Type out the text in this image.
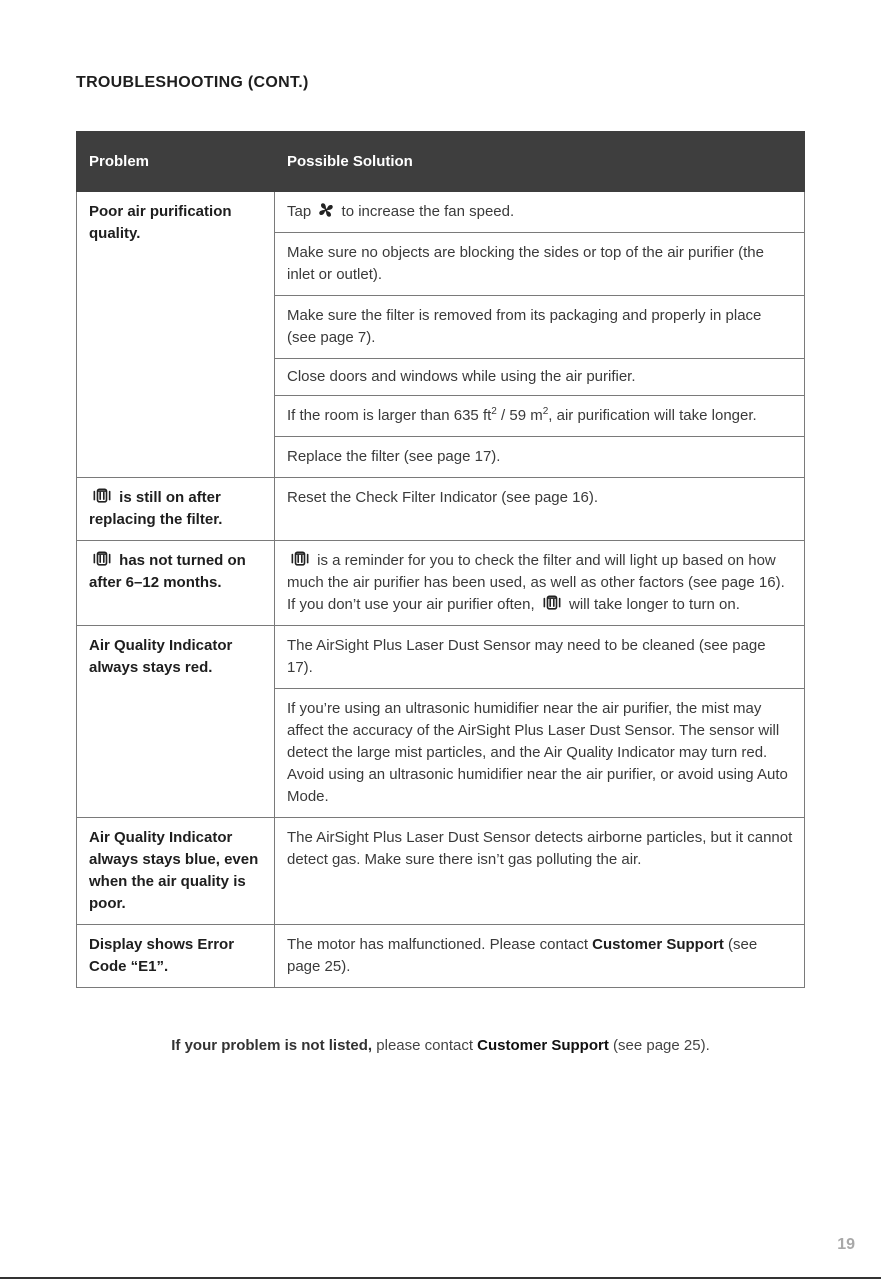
TROUBLESHOOTING (CONT.)
Problem	Possible Solution
Poor air purification quality.	Tap to increase the fan speed.
	Make sure no objects are blocking the sides or top of the air purifier (the inlet or outlet).
	Make sure the filter is removed from its packaging and properly in place (see page 7).
	Close doors and windows while using the air purifier.
	If the room is larger than 635 $ft^2 / 59$ $m^2$, air purification will take longer.
	Replace the filter (see page 17).
is still on after replacing the filter.	Reset the Check Filter Indicator (see page 16).
has not turned on after 6–12 months.	is a reminder for you to check the filter and will light up based on how much the air purifier has been used, as well as other factors (see page 16). If you don’t use your air purifier often, will take longer to turn on.
Air Quality Indicator always stays red.	The AirSight Plus Laser Dust Sensor may need to be cleaned (see page 17).
	If you’re using an ultrasonic humidifier near the air purifier, the mist may affect the accuracy of the AirSight Plus Laser Dust Sensor. The sensor will detect the large mist particles, and the Air Quality Indicator may turn red. Avoid using an ultrasonic humidifier near the air purifier, or avoid using Auto Mode.
Air Quality Indicator always stays blue, even when the air quality is poor.	The AirSight Plus Laser Dust Sensor detects airborne particles, but it cannot detect gas. Make sure there isn’t gas polluting the air.
Display shows Error Code “E1”.	The motor has malfunctioned. Please contact Customer Support (see page 25).
If your problem is not listed, please contact Customer Support (see page 25).
19
